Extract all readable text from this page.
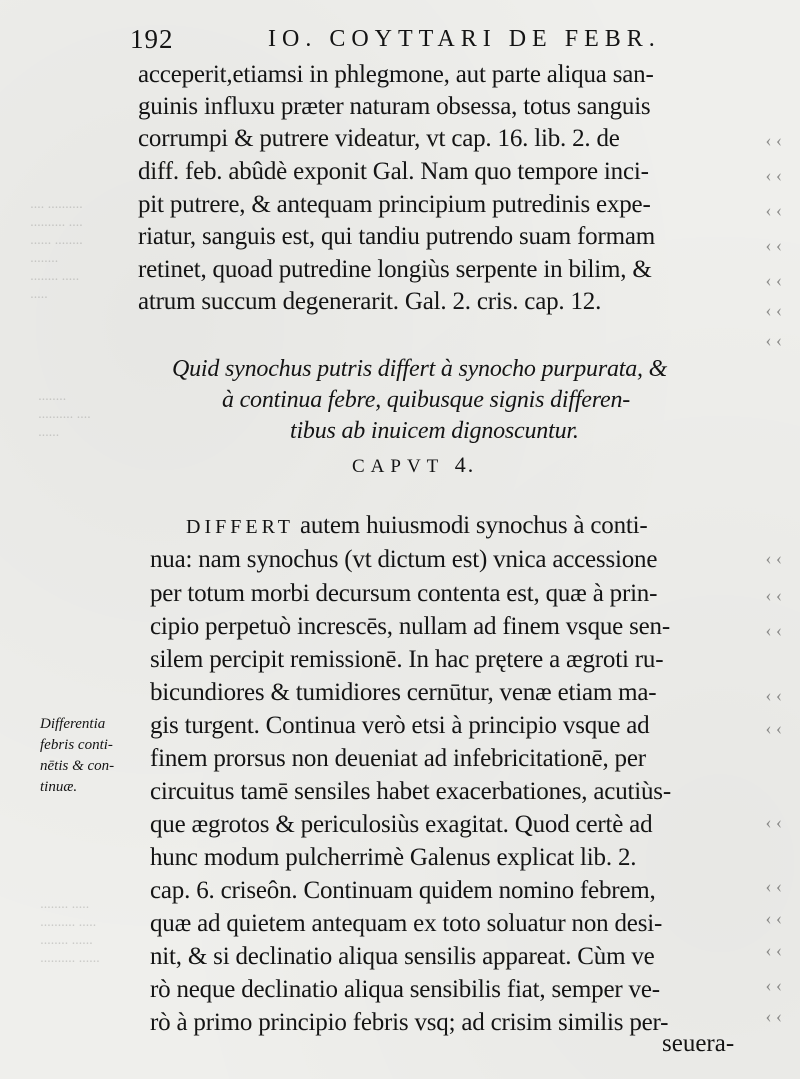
···· ··········
·········· ····
······ ········
········
········ ·····
·····
········
·········· ····
······
········ ·····
·········· ·····
········ ······
·········· ······
192	IO. COYTTARI DE FEBR.
acceperit,etiamsi in phlegmone, aut parte aliqua san-
guinis influxu præter naturam obsessa, totus sanguis
corrumpi & putrere videatur, vt cap. 16. lib. 2. de
diff. feb. abûdè exponit Gal. Nam quo tempore inci-
pit putrere, & antequam principium putredinis expe-
riatur, sanguis est, qui tandiu putrendo suam formam
retinet, quoad putredine longiùs serpente in bilim, &
atrum succum degenerarit. Gal. 2. cris. cap. 12.
Quid synochus putris differt à synocho purpurata, &
à continua febre, quibusque signis differen-
tibus ab inuicem dignoscuntur.
CAPVT 4.
DIFFERT autem huiusmodi synochus à conti-
nua: nam synochus (vt dictum est) vnica accessione
per totum morbi decursum contenta est, quæ à prin-
cipio perpetuò increscēs, nullam ad finem vsque sen-
silem percipit remissionē. In hac prętere a ægroti ru-
bicundiores & tumidiores cernūtur, venæ etiam ma-
gis turgent. Continua verò etsi à principio vsque ad
finem prorsus non deueniat ad infebricitationē, per
circuitus tamē sensiles habet exacerbationes, acutiùs-
que ægrotos & periculosiùs exagitat. Quod certè ad
hunc modum pulcherrimè Galenus explicat lib. 2.
cap. 6. criseôn. Continuam quidem nomino febrem,
quæ ad quietem antequam ex toto soluatur non desi-
nit, & si declinatio aliqua sensilis appareat. Cùm ve
rò neque declinatio aliqua sensibilis fiat, semper ve-
rò à primo principio febris vsq; ad crisim similis per-
Differentia
febris conti-
nētis & con-
tinuæ.
seuera-
‹ ‹
‹ ‹
‹ ‹
‹ ‹
‹ ‹
‹ ‹
‹ ‹
‹ ‹
‹ ‹
‹ ‹
‹ ‹
‹ ‹
‹ ‹
‹ ‹
‹ ‹
‹ ‹
‹ ‹
‹ ‹
